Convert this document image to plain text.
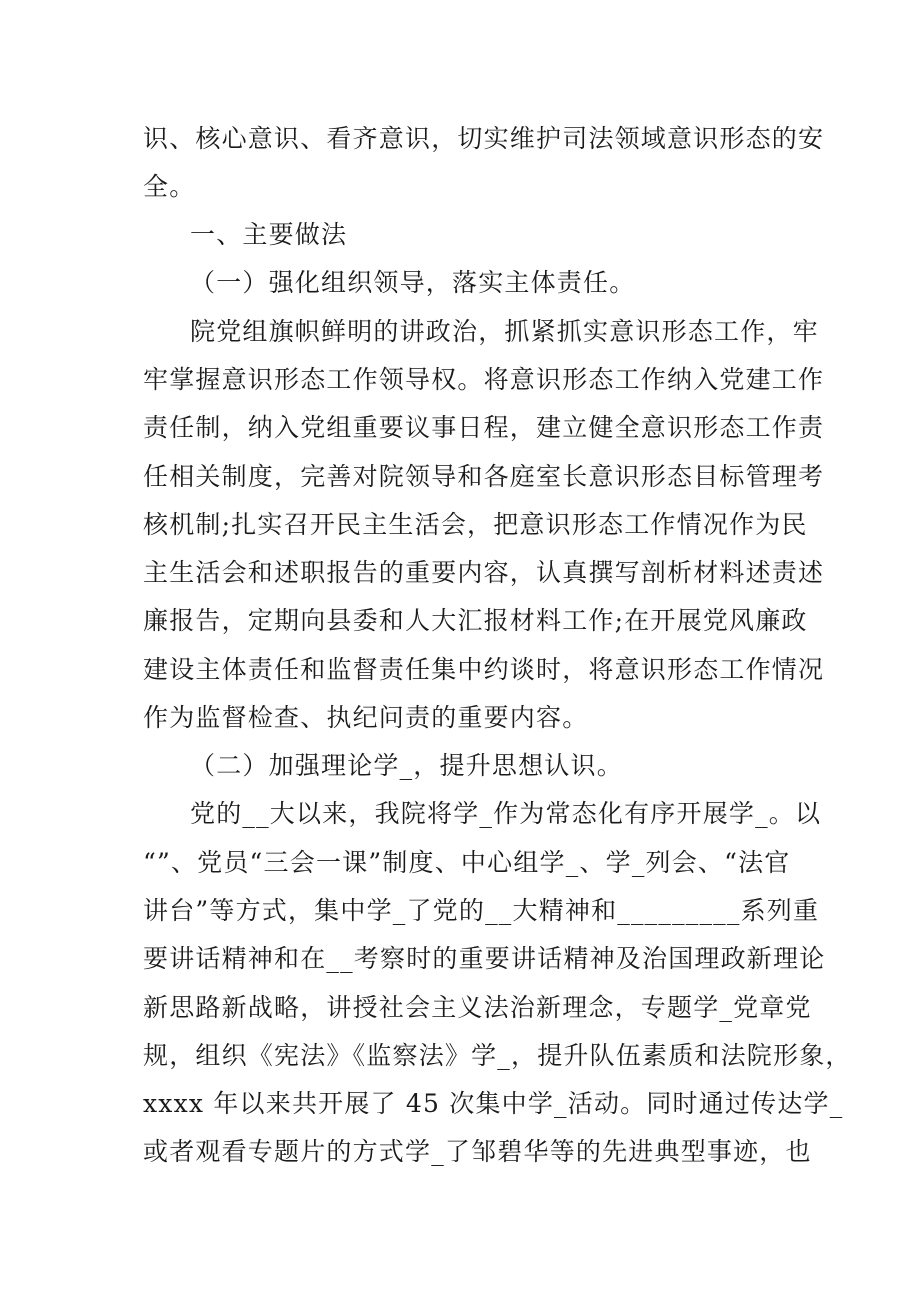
识、核心意识、看齐意识，切实维护司法领域意识形态的安
全。
一、主要做法
（一）强化组织领导，落实主体责任。
院党组旗帜鲜明的讲政治，抓紧抓实意识形态工作，牢
牢掌握意识形态工作领导权。将意识形态工作纳入党建工作
责任制，纳入党组重要议事日程，建立健全意识形态工作责
任相关制度，完善对院领导和各庭室长意识形态目标管理考
核机制;扎实召开民主生活会，把意识形态工作情况作为民
主生活会和述职报告的重要内容，认真撰写剖析材料述责述
廉报告，定期向县委和人大汇报材料工作;在开展党风廉政
建设主体责任和监督责任集中约谈时，将意识形态工作情况
作为监督检查、执纪问责的重要内容。
（二）加强理论学_，提升思想认识。
党的__大以来，我院将学_作为常态化有序开展学_。以
“”、党员“三会一课”制度、中心组学_、学_列会、“法官
讲台”等方式，集中学_了党的__大精神和_________系列重
要讲话精神和在__考察时的重要讲话精神及治国理政新理论
新思路新战略，讲授社会主义法治新理念，专题学_党章党
规，组织《宪法》《监察法》学_，提升队伍素质和法院形象，
xxxx 年以来共开展了 45 次集中学_活动。同时通过传达学_
或者观看专题片的方式学_了邹碧华等的先进典型事迹，也
